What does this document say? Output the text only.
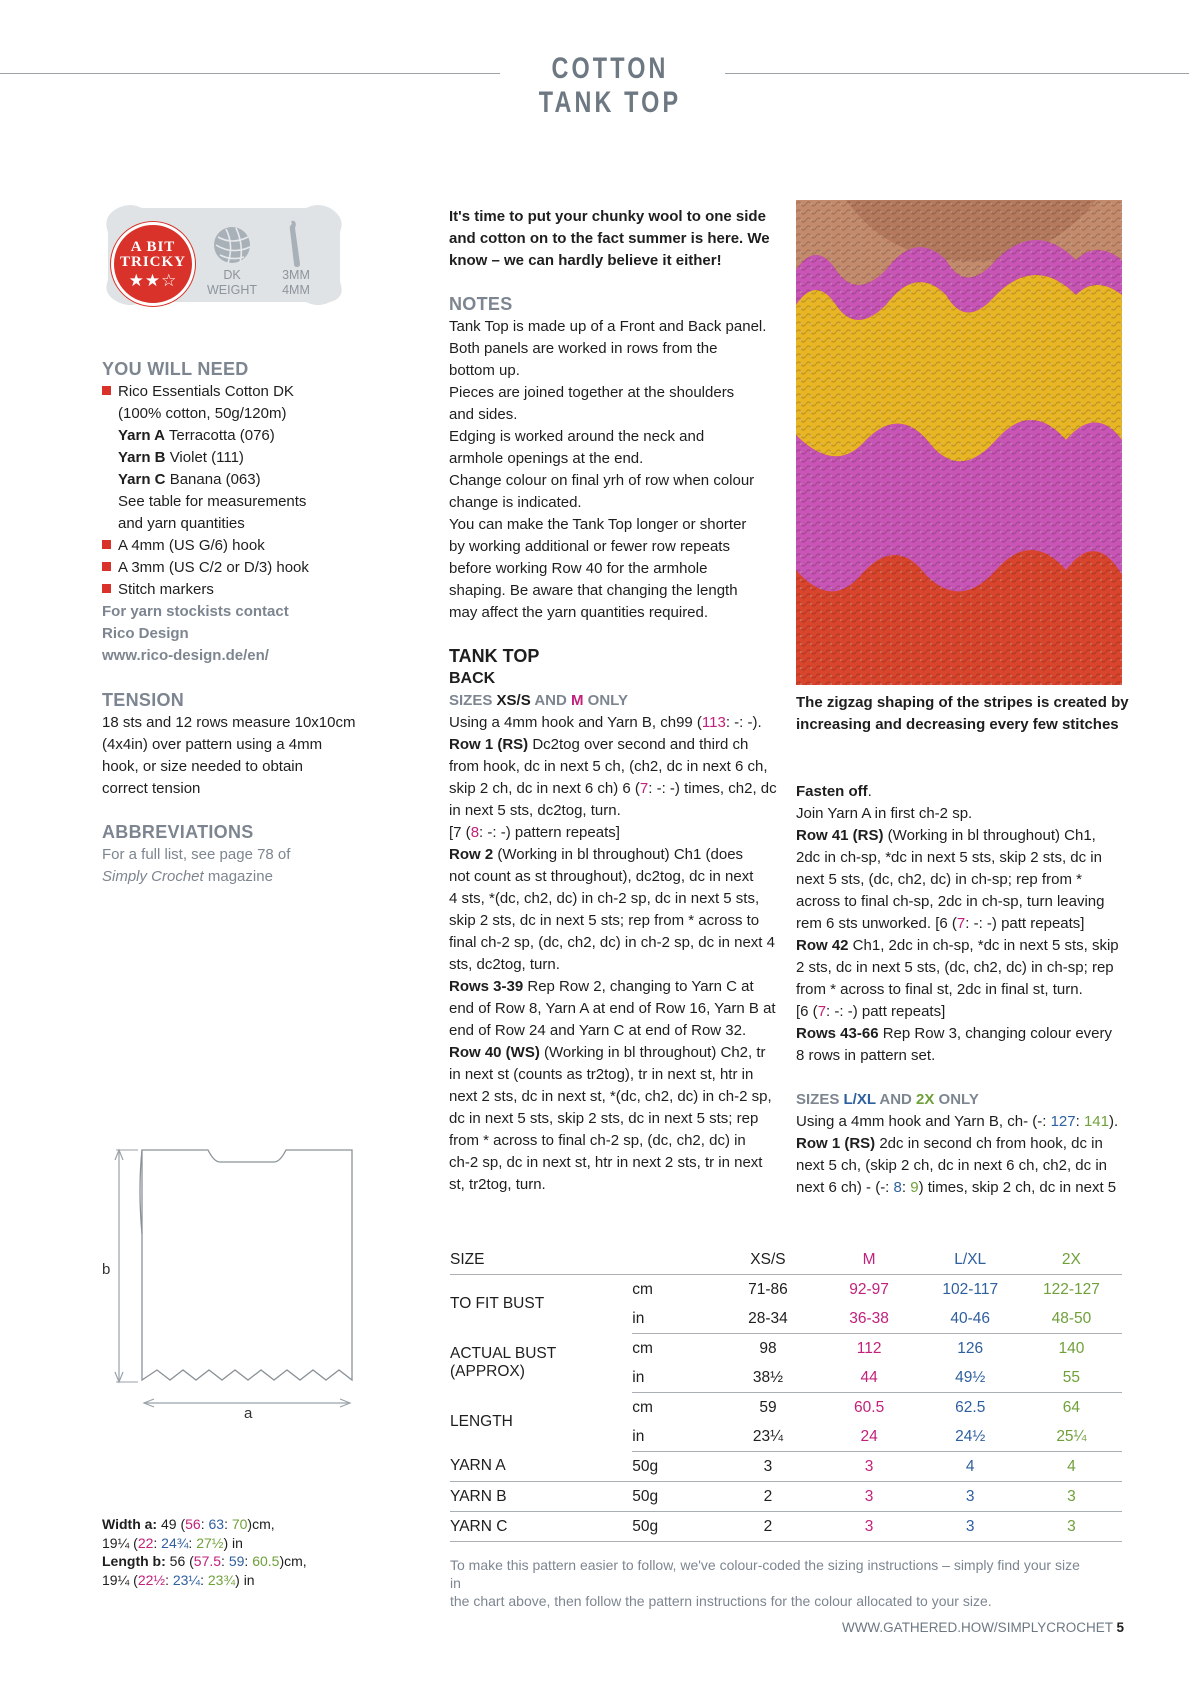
COTTON TANK TOP
A BIT TRICKY
★★☆	DK
WEIGHT
3MM
4MM
YOU WILL NEED
Rico Essentials Cotton DK
(100% cotton, 50g/120m)
Yarn A Terracotta (076)
Yarn B Violet (111)
Yarn C Banana (063)
See table for measurements
and yarn quantities
A 4mm (US G/6) hook
A 3mm (US C/2 or D/3) hook
Stitch markers
For yarn stockists contact
Rico Design
www.rico-design.de/en/
TENSION
18 sts and 12 rows measure 10x10cm
(4x4in) over pattern using a 4mm
hook, or size needed to obtain
correct tension
ABBREVIATIONS
For a full list, see page 78 of
Simply Crochet magazine
b
a
Width a: 49 (56: 63: 70)cm,
19¼ (22: 24¾: 27½) in
Length b: 56 (57.5: 59: 60.5)cm,
19¼ (22½: 23¼: 23¾) in
It's time to put your chunky wool to one side
and cotton on to the fact summer is here. We
know – we can hardly believe it either!
NOTES
Tank Top is made up of a Front and Back panel.
Both panels are worked in rows from the
bottom up.
Pieces are joined together at the shoulders
and sides.
Edging is worked around the neck and
armhole openings at the end.
Change colour on final yrh of row when colour
change is indicated.
You can make the Tank Top longer or shorter
by working additional or fewer row repeats
before working Row 40 for the armhole
shaping. Be aware that changing the length
may affect the yarn quantities required.
TANK TOP
BACK
SIZES XS/S AND M ONLY
Using a 4mm hook and Yarn B, ch99 (113: -: -).
Row 1 (RS) Dc2tog over second and third ch
from hook, dc in next 5 ch, (ch2, dc in next 6 ch,
skip 2 ch, dc in next 6 ch) 6 (7: -: -) times, ch2, dc
in next 5 sts, dc2tog, turn.
[7 (8: -: -) pattern repeats]
Row 2 (Working in bl throughout) Ch1 (does
not count as st throughout), dc2tog, dc in next
4 sts, *(dc, ch2, dc) in ch-2 sp, dc in next 5 sts,
skip 2 sts, dc in next 5 sts; rep from * across to
final ch-2 sp, (dc, ch2, dc) in ch-2 sp, dc in next 4
sts, dc2tog, turn.
Rows 3-39 Rep Row 2, changing to Yarn C at
end of Row 8, Yarn A at end of Row 16, Yarn B at
end of Row 24 and Yarn C at end of Row 32.
Row 40 (WS) (Working in bl throughout) Ch2, tr
in next st (counts as tr2tog), tr in next st, htr in
next 2 sts, dc in next st, *(dc, ch2, dc) in ch-2 sp,
dc in next 5 sts, skip 2 sts, dc in next 5 sts; rep
from * across to final ch-2 sp, (dc, ch2, dc) in
ch-2 sp, dc in next st, htr in next 2 sts, tr in next
st, tr2tog, turn.
The zigzag shaping of the stripes is created by
increasing and decreasing every few stitches
Fasten off.
Join Yarn A in first ch-2 sp.
Row 41 (RS) (Working in bl throughout) Ch1,
2dc in ch-sp, *dc in next 5 sts, skip 2 sts, dc in
next 5 sts, (dc, ch2, dc) in ch-sp; rep from *
across to final ch-sp, 2dc in ch-sp, turn leaving
rem 6 sts unworked. [6 (7: -: -) patt repeats]
Row 42 Ch1, 2dc in ch-sp, *dc in next 5 sts, skip
2 sts, dc in next 5 sts, (dc, ch2, dc) in ch-sp; rep
from * across to final st, 2dc in final st, turn.
[6 (7: -: -) patt repeats]
Rows 43-66 Rep Row 3, changing colour every
8 rows in pattern set.
SIZES L/XL AND 2X ONLY
Using a 4mm hook and Yarn B, ch- (-: 127: 141).
Row 1 (RS) 2dc in second ch from hook, dc in
next 5 ch, (skip 2 ch, dc in next 6 ch, ch2, dc in
next 6 ch) - (-: 8: 9) times, skip 2 ch, dc in next 5
SIZE		XS/S	M	L/XL	2X
TO FIT BUST	cm	71-86	92-97	102-117	122-127
	in	28-34	36-38	40-46	48-50

ACTUAL BUST
(APPROX)	cm	98	112	126	140
	in	38½	44	49½	55
LENGTH	cm	59	60.5	62.5	64
	in	23¼	24	24½	25¼
YARN A	50g	3	3	4	4
YARN B	50g	2	3	3	3
YARN C	50g	2	3	3	3
To make this pattern easier to follow, we've colour-coded the sizing instructions – simply find your size in
the chart above, then follow the pattern instructions for the colour allocated to your size.
WWW.GATHERED.HOW/SIMPLYCROCHET 5
